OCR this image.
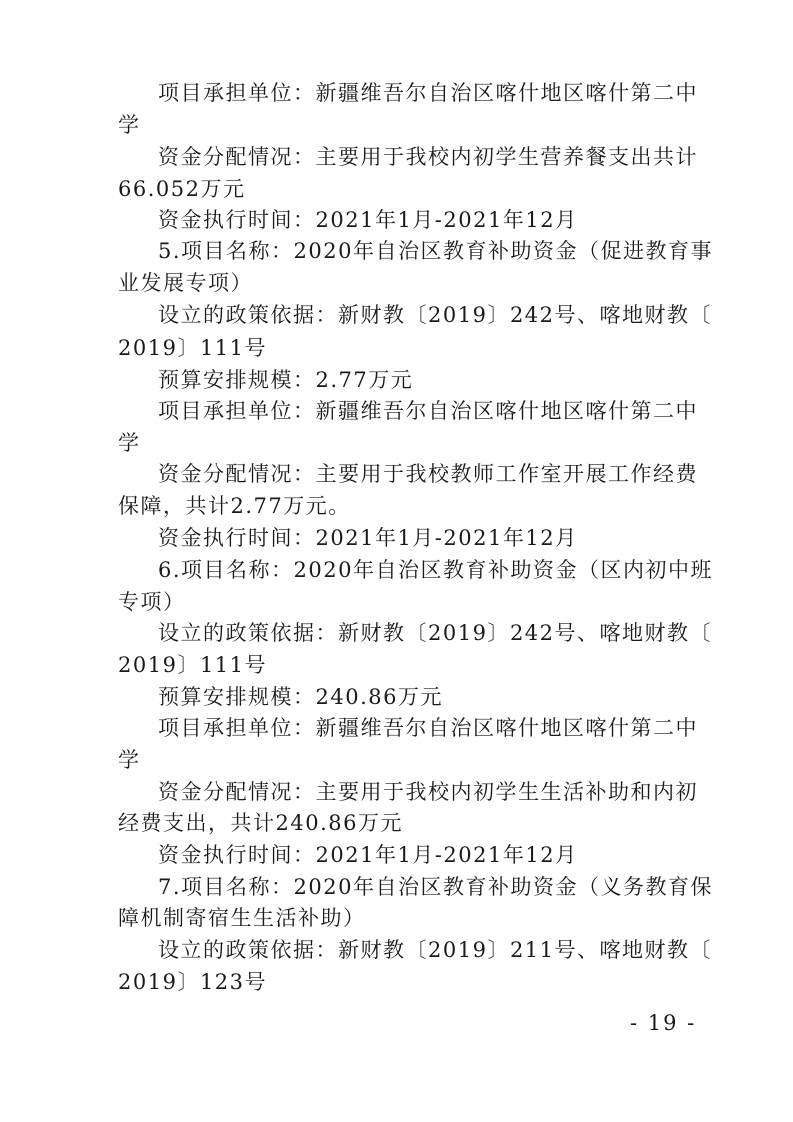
项目承担单位：新疆维吾尔自治区喀什地区喀什第二中
学
资金分配情况：主要用于我校内初学生营养餐支出共计
66.052万元
资金执行时间：2021年1月-2021年12月
5.项目名称：2020年自治区教育补助资金（促进教育事
业发展专项）
设立的政策依据：新财教〔2019〕242号、喀地财教〔
2019〕111号
预算安排规模：2.77万元
项目承担单位：新疆维吾尔自治区喀什地区喀什第二中
学
资金分配情况：主要用于我校教师工作室开展工作经费
保障，共计2.77万元。
资金执行时间：2021年1月-2021年12月
6.项目名称：2020年自治区教育补助资金（区内初中班
专项）
设立的政策依据：新财教〔2019〕242号、喀地财教〔
2019〕111号
预算安排规模：240.86万元
项目承担单位：新疆维吾尔自治区喀什地区喀什第二中
学
资金分配情况：主要用于我校内初学生生活补助和内初
经费支出，共计240.86万元
资金执行时间：2021年1月-2021年12月
7.项目名称：2020年自治区教育补助资金（义务教育保
障机制寄宿生生活补助）
设立的政策依据：新财教〔2019〕211号、喀地财教〔
2019〕123号
- 19 -
